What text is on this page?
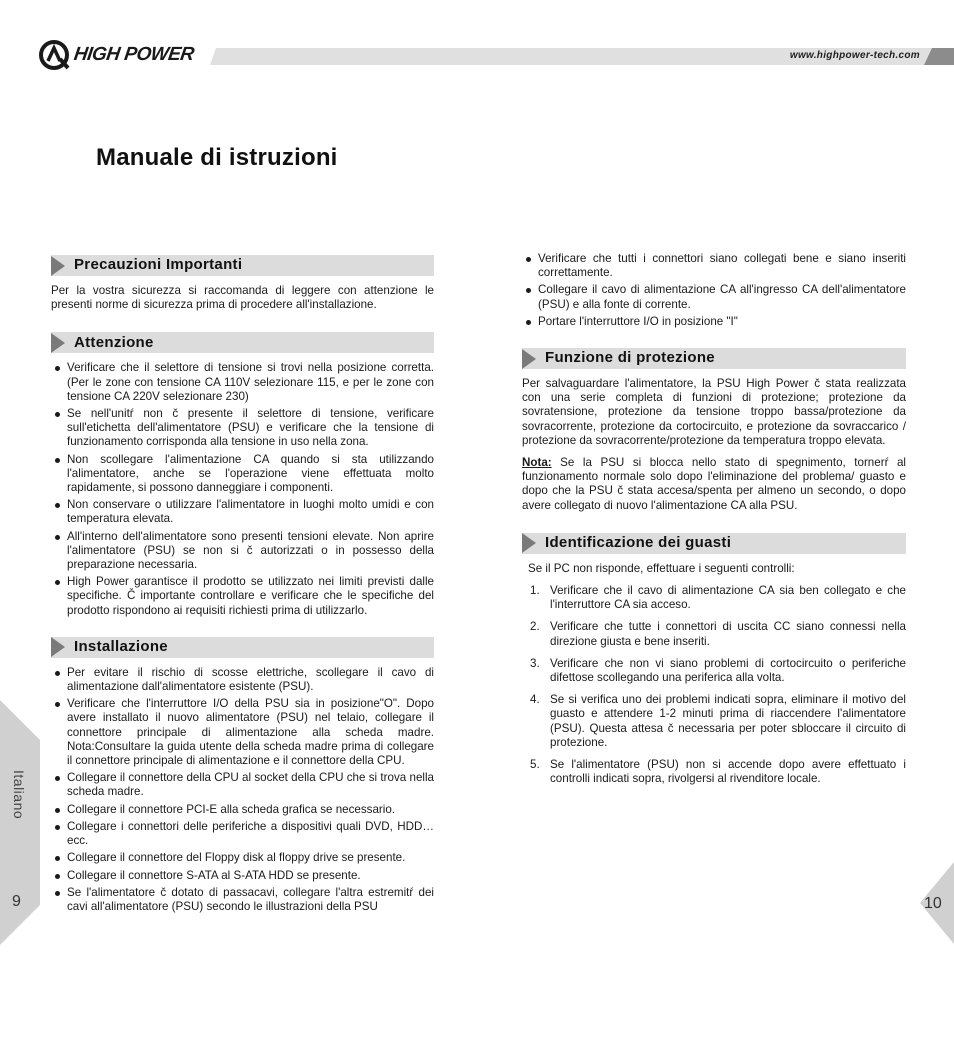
HIGH POWER	www.highpower-tech.com
Manuale di istruzioni
Precauzioni Importanti

Per la vostra sicurezza si raccomanda di leggere con attenzione le presenti norme di sicurezza prima di procedere all'installazione.

Attenzione
Verificare che il selettore di tensione si trovi nella posizione corretta. (Per le zone con tensione CA 110V selezionare 115, e per le zone con tensione CA 220V selezionare 230)
Se nell'unitŕ non č presente il selettore di tensione, verificare sull'etichetta dell'alimentatore (PSU) e verificare che la tensione di funzionamento corrisponda alla tensione in uso nella zona.
Non scollegare l'alimentazione CA quando si sta utilizzando l'alimentatore, anche se l'operazione viene effettuata molto rapidamente, si possono danneggiare i componenti.
Non conservare o utilizzare l'alimentatore in luoghi molto umidi e con temperatura elevata.
All'interno dell'alimentatore sono presenti tensioni elevate. Non aprire l'alimentatore (PSU) se non si č autorizzati o in possesso della preparazione necessaria.
High Power garantisce il prodotto se utilizzato nei limiti previsti dalle specifiche. Č importante controllare e verificare che le specifiche del prodotto rispondono ai requisiti richiesti prima di utilizzarlo.
Installazione
Per evitare il rischio di scosse elettriche, scollegare il cavo di alimentazione dall'alimentatore esistente (PSU).
Verificare che l'interruttore I/O della PSU sia in posizione"O". Dopo avere installato il nuovo alimentatore (PSU) nel telaio, collegare il connettore principale di alimentazione alla scheda madre. Nota:Consultare la guida utente della scheda madre prima di collegare il connettore principale di alimentazione e il connettore della CPU.
Collegare il connettore della CPU al socket della CPU che si trova nella scheda madre.
Collegare il connettore PCI-E alla scheda grafica se necessario.
Collegare i connettori delle periferiche a dispositivi quali DVD, HDD…ecc.
Collegare il connettore del Floppy disk al floppy drive se presente.
Collegare il connettore S-ATA al S-ATA HDD se presente.
Se l'alimentatore č dotato di passacavi, collegare l'altra estremitŕ dei cavi all'alimentatore (PSU) secondo le illustrazioni della PSU
Verificare che tutti i connettori siano collegati bene e siano inseriti correttamente.
Collegare il cavo di alimentazione CA all'ingresso CA dell'alimentatore (PSU) e alla fonte di corrente.
Portare l'interruttore I/O in posizione "I"
Funzione di protezione

Per salvaguardare l'alimentatore, la PSU High Power č stata realizzata con una serie completa di funzioni di protezione; protezione da sovratensione, protezione da tensione troppo bassa/protezione da sovracorrente, protezione da cortocircuito, e protezione da sovraccarico / protezione da sovracorrente/protezione da temperatura troppo elevata.

Nota: Se la PSU si blocca nello stato di spegnimento, tornerŕ al funzionamento normale solo dopo l'eliminazione del problema/ guasto e dopo che la PSU č stata accesa/spenta per almeno un secondo, o dopo avere collegato di nuovo l'alimentazione CA alla PSU.

Identificazione dei guasti

Se il PC non risponde, effettuare i seguenti controlli:

1. Verificare che il cavo di alimentazione CA sia ben collegato e che l'interruttore CA sia acceso.
2. Verificare che tutte i connettori di uscita CC siano connessi nella direzione giusta e bene inseriti.
3. Verificare che non vi siano problemi di cortocircuito o periferiche difettose scollegando una periferica alla volta.
4. Se si verifica uno dei problemi indicati sopra, eliminare il motivo del guasto e attendere 1-2 minuti prima di riaccendere l'alimentatore (PSU). Questa attesa č necessaria per poter sbloccare il circuito di protezione.
5. Se l'alimentatore (PSU) non si accende dopo avere effettuato i controlli indicati sopra, rivolgersi al rivenditore locale.
Italiano
9	10
